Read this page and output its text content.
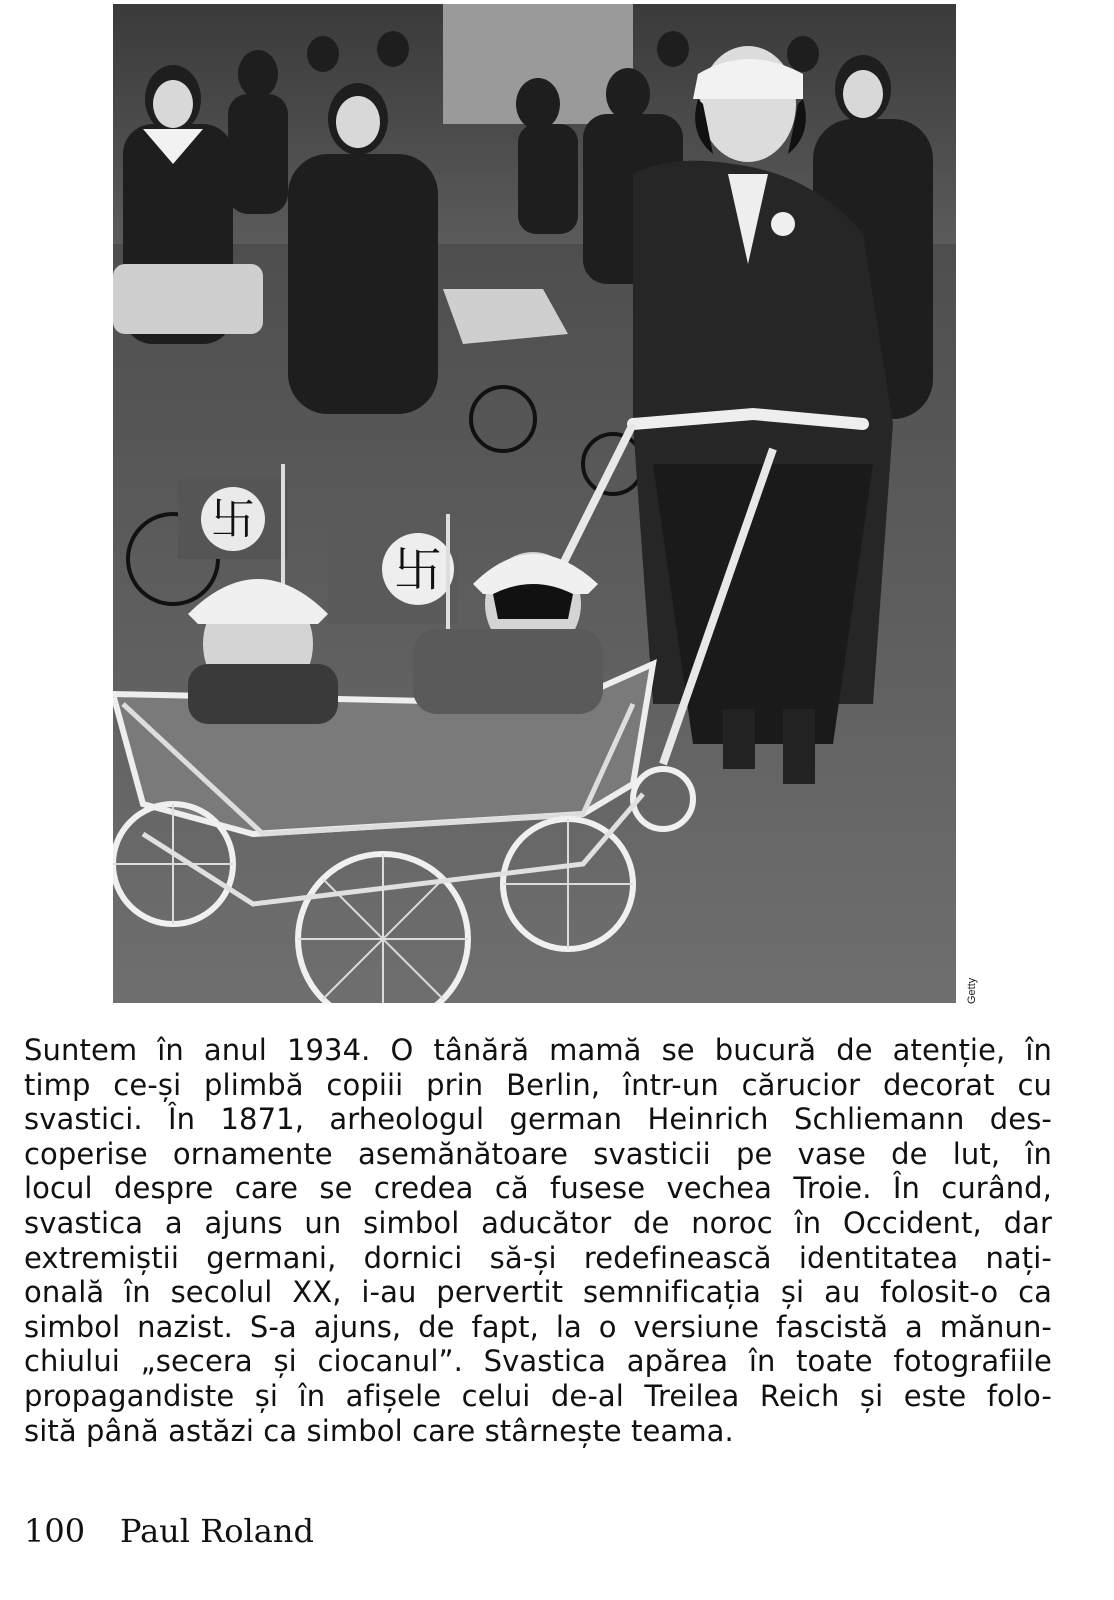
卐
卐
Getty
Suntem în anul 1934. O tânără mamă se bucură de atenție, în
timp ce-și plimbă copiii prin Berlin, într-un cărucior decorat cu
svastici. În 1871, arheologul german Heinrich Schliemann des-
coperise ornamente asemănătoare svasticii pe vase de lut, în
locul despre care se credea că fusese vechea Troie. În curând,
svastica a ajuns un simbol aducător de noroc în Occident, dar
extremiștii germani, dornici să-și redefinească identitatea nați-
onală în secolul XX, i-au pervertit semnificația și au folosit-o ca
simbol nazist. S-a ajuns, de fapt, la o versiune fascistă a mănun-
chiului „secera și ciocanul”. Svastica apărea în toate fotografiile
propagandiste și în afișele celui de-al Treilea Reich și este folo-
sită până astăzi ca simbol care stârnește teama.
100 Paul Roland
